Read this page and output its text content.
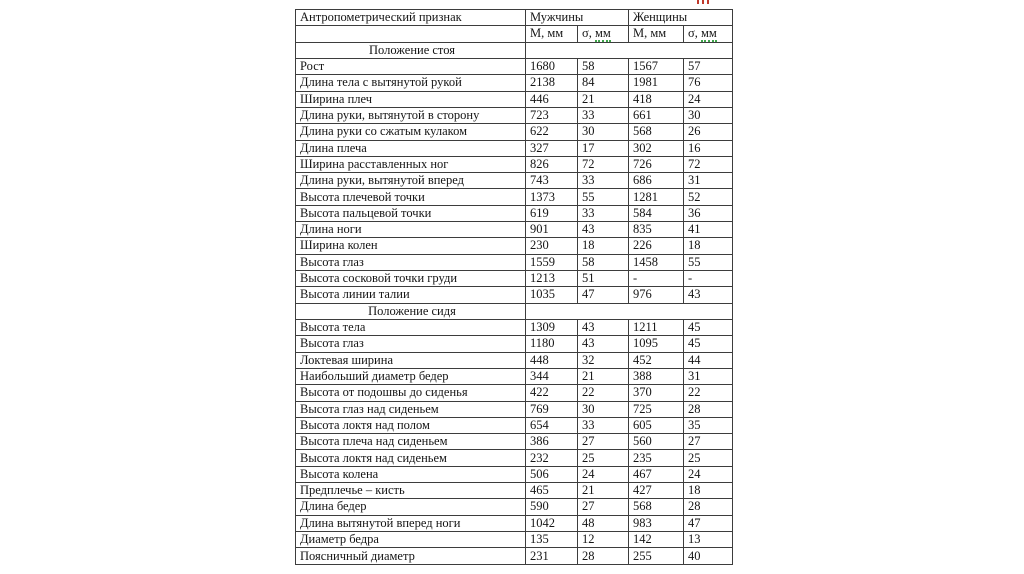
Антропометрический признак	Мужчины		Женщины	
	М, мм	σ, мм	М, мм	σ, мм
Положение стоя				
Рост	1680	58	1567	57
Длина тела с вытянутой рукой	2138	84	1981	76
Ширина плеч	446	21	418	24
Длина руки, вытянутой в сторону	723	33	661	30
Длина руки со сжатым кулаком	622	30	568	26
Длина плеча	327	17	302	16
Ширина расставленных ног	826	72	726	72
Длина руки, вытянутой вперед	743	33	686	31
Высота плечевой точки	1373	55	1281	52
Высота пальцевой точки	619	33	584	36
Длина ноги	901	43	835	41
Ширина колен	230	18	226	18
Высота глаз	1559	58	1458	55
Высота сосковой точки груди	1213	51	-	-
Высота линии талии	1035	47	976	43
Положение сидя				
Высота тела	1309	43	1211	45
Высота глаз	1180	43	1095	45
Локтевая ширина	448	32	452	44
Наибольший диаметр бедер	344	21	388	31
Высота от подошвы до сиденья	422	22	370	22
Высота глаз над сиденьем	769	30	725	28
Высота локтя над полом	654	33	605	35
Высота плеча над сиденьем	386	27	560	27
Высота локтя над сиденьем	232	25	235	25
Высота колена	506	24	467	24
Предплечье – кисть	465	21	427	18
Длина бедер	590	27	568	28
Длина вытянутой вперед ноги	1042	48	983	47
Диаметр бедра	135	12	142	13
Поясничный диаметр	231	28	255	40
